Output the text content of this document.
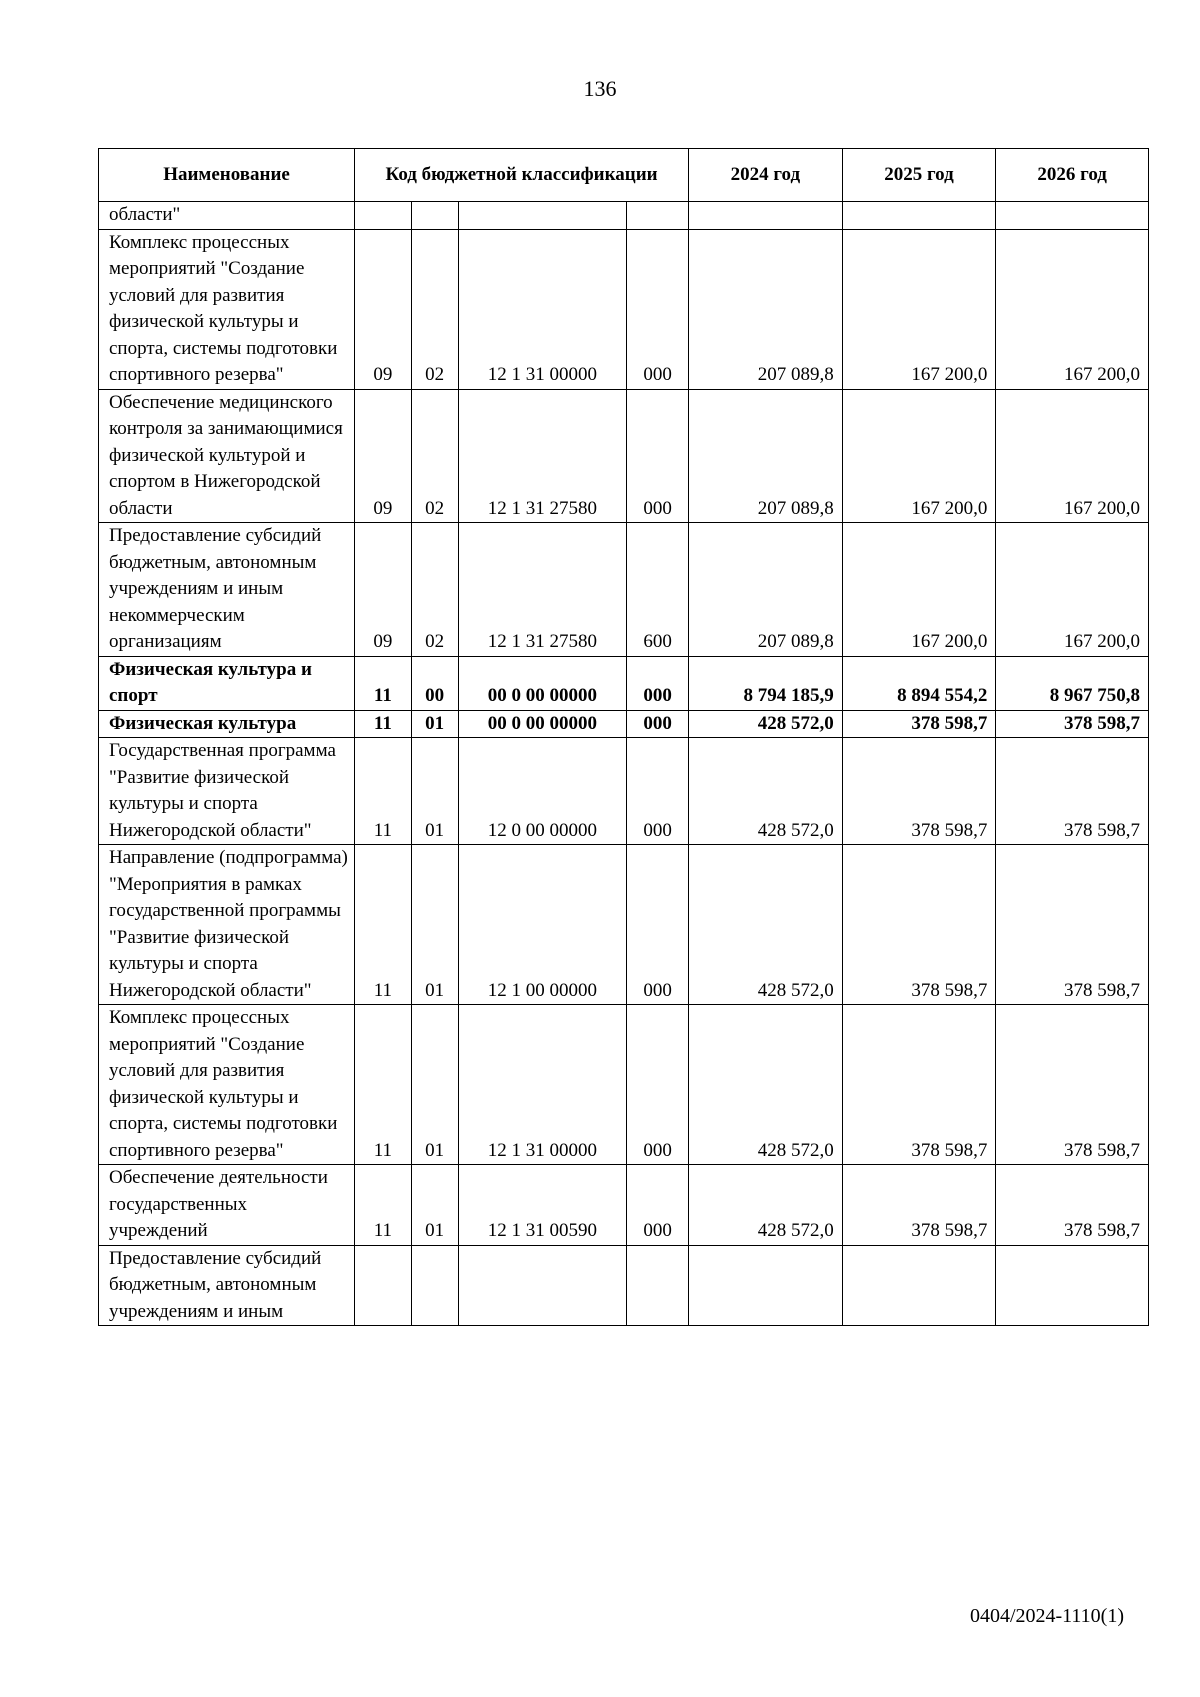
136
Наименование	Код бюджетной классификации				2024 год	2025 год	2026 год
области"							
Комплекс процессных мероприятий "Создание условий для развития физической культуры и спорта, системы подготовки спортивного резерва"	09	02	12 1 31 00000	000	207 089,8	167 200,0	167 200,0
Обеспечение медицинского контроля за занимающимися физической культурой и спортом в Нижегородской области	09	02	12 1 31 27580	000	207 089,8	167 200,0	167 200,0
Предоставление субсидий бюджетным, автономным учреждениям и иным некоммерческим организациям	09	02	12 1 31 27580	600	207 089,8	167 200,0	167 200,0
Физическая культура и спорт	11	00	00 0 00 00000	000	8 794 185,9	8 894 554,2	8 967 750,8
Физическая культура	11	01	00 0 00 00000	000	428 572,0	378 598,7	378 598,7
Государственная программа "Развитие физической культуры и спорта Нижегородской области"	11	01	12 0 00 00000	000	428 572,0	378 598,7	378 598,7
Направление (подпрограмма) "Мероприятия в рамках государственной программы "Развитие физической культуры и спорта Нижегородской области"	11	01	12 1 00 00000	000	428 572,0	378 598,7	378 598,7
Комплекс процессных мероприятий "Создание условий для развития физической культуры и спорта, системы подготовки спортивного резерва"	11	01	12 1 31 00000	000	428 572,0	378 598,7	378 598,7
Обеспечение деятельности государственных учреждений	11	01	12 1 31 00590	000	428 572,0	378 598,7	378 598,7
Предоставление субсидий бюджетным, автономным учреждениям и иным							
0404/2024-1110(1)
